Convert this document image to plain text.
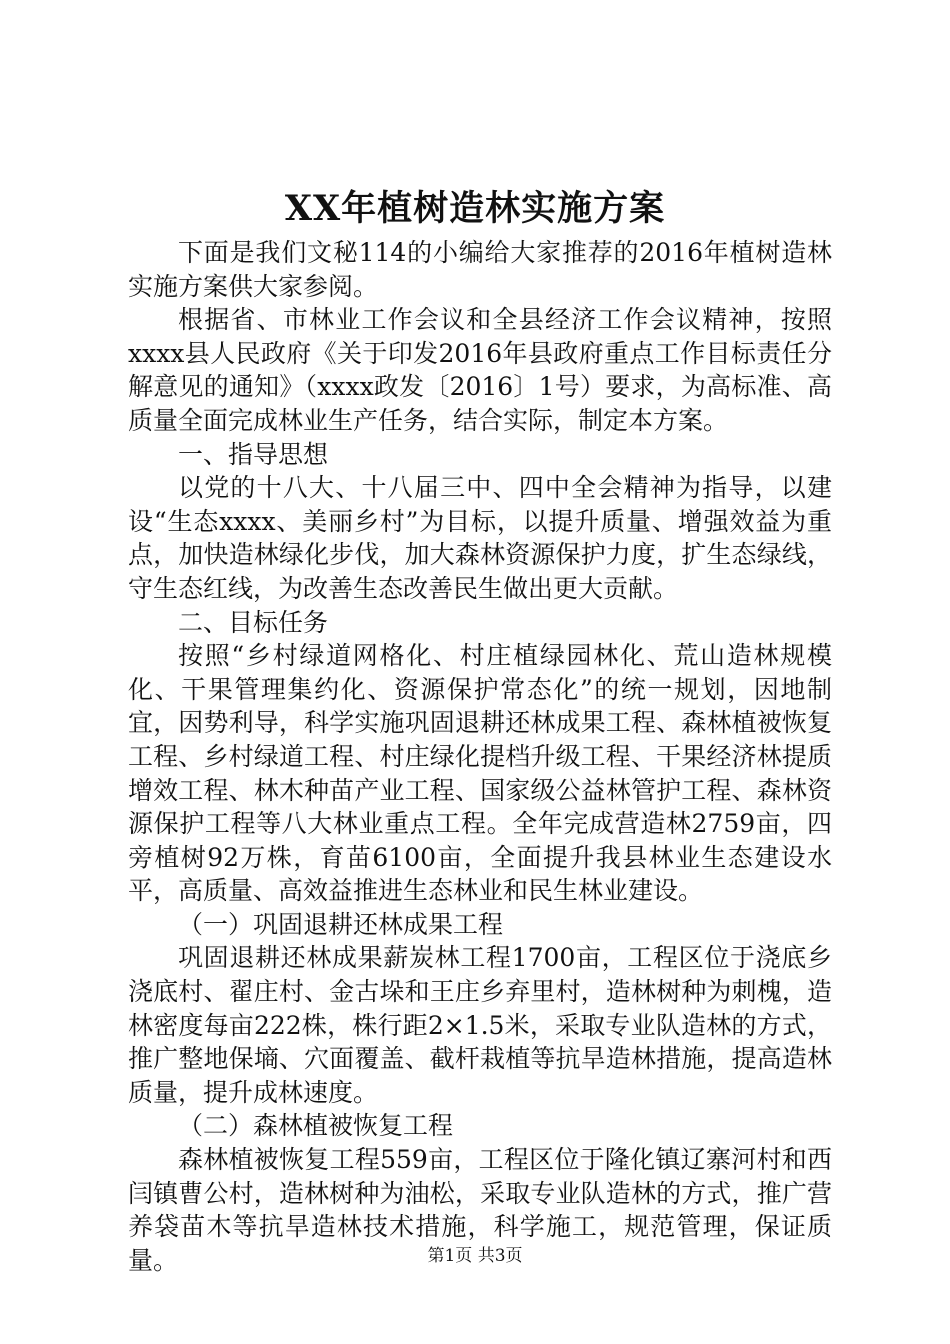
XX年植树造林实施方案

下面是我们文秘114的小编给大家推荐的2016年植树造林实施方案供大家参阅。

根据省、市林业工作会议和全县经济工作会议精神，按照xxxx县人民政府《关于印发2016年县政府重点工作目标责任分解意见的通知》（xxxx政发〔2016〕1号）要求，为高标准、高质量全面完成林业生产任务，结合实际，制定本方案。

一、指导思想

以党的十八大、十八届三中、四中全会精神为指导，以建设“生态xxxx、美丽乡村”为目标，以提升质量、增强效益为重点，加快造林绿化步伐，加大森林资源保护力度，扩生态绿线，守生态红线，为改善生态改善民生做出更大贡献。

二、目标任务

按照“乡村绿道网格化、村庄植绿园林化、荒山造林规模化、干果管理集约化、资源保护常态化”的统一规划，因地制宜，因势利导，科学实施巩固退耕还林成果工程、森林植被恢复工程、乡村绿道工程、村庄绿化提档升级工程、干果经济林提质增效工程、林木种苗产业工程、国家级公益林管护工程、森林资源保护工程等八大林业重点工程。全年完成营造林2759亩，四旁植树92万株，育苗6100亩，全面提升我县林业生态建设水平，高质量、高效益推进生态林业和民生林业建设。

（一）巩固退耕还林成果工程

巩固退耕还林成果薪炭林工程1700亩，工程区位于浇底乡浇底村、翟庄村、金古垛和王庄乡弃里村，造林树种为刺槐，造林密度每亩222株，株行距2×1.5米，采取专业队造林的方式，推广整地保墒、穴面覆盖、截杆栽植等抗旱造林措施，提高造林质量，提升成林速度。

（二）森林植被恢复工程

森林植被恢复工程559亩，工程区位于隆化镇辽寨河村和西闫镇曹公村，造林树种为油松，采取专业队造林的方式，推广营养袋苗木等抗旱造林技术措施，科学施工，规范管理，保证质量。	第1页 共3页
